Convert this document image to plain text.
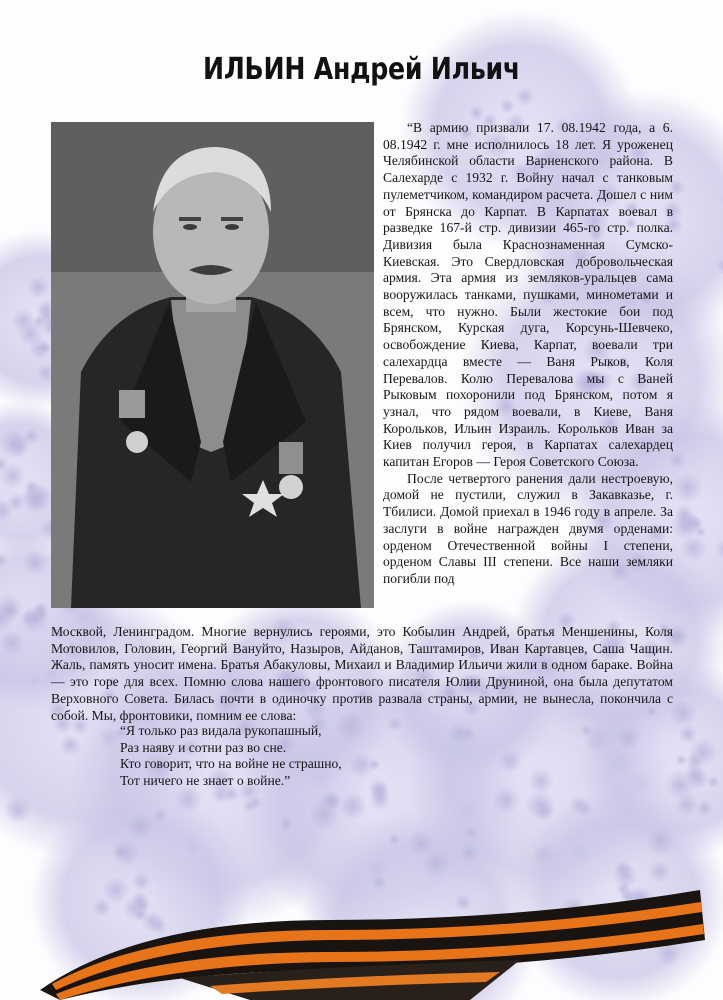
ИЛЬИН Андрей Ильич

“В армию призвали 17. 08.1942 года, а 6. 08.1942 г. мне исполнилось 18 лет. Я уроженец Челябинской области Варненского района. В Салехарде с 1932 г. Войну начал с танковым пулеметчиком, командиром расчета. Дошел с ним от Брянска до Карпат. В Карпатах воевал в разведке 167-й стр. дивизии 465-го стр. полка. Дивизия была Краснознаменная Сумско-Киевская. Это Свердловская добровольческая армия. Эта армия из земляков-уральцев сама вооружилась танками, пушками, минометами и всем, что нужно. Были жестокие бои под Брянском, Курская дуга, Корсунь-Шевчеко, освобождение Киева, Карпат, воевали три салехардца вместе — Ваня Рыков, Коля Перевалов. Колю Перевалова мы с Ваней Рыковым похоронили под Брянском, потом я узнал, что рядом воевали, в Киеве, Ваня Корольков, Ильин Израиль. Корольков Иван за Киев получил героя, в Карпатах салехардец капитан Егоров — Героя Советского Союза.

После четвертого ранения дали нестроевую, домой не пустили, служил в Закавказье, г. Тбилиси. Домой приехал в 1946 году в апреле. За заслуги в войне награжден двумя орденами: орденом Отечественной войны I степени, орденом Славы III степени. Все наши земляки погибли под

Москвой, Ленинградом. Многие вернулись героями, это Кобылин Андрей, братья Меншенины, Коля Мотовилов, Головин, Георгий Вануйто, Назыров, Айданов, Таштамиров, Иван Картавцев, Саша Чащин. Жаль, память уносит имена. Братья Абакуловы, Михаил и Владимир Ильичи жили в одном бараке. Война — это горе для всех. Помню слова нашего фронтового писателя Юлии Друниной, она была депутатом Верховного Совета. Билась почти в одиночку против развала страны, армии, не вынесла, покончила с собой. Мы, фронтовики, помним ее слова:

“Я только раз видала рукопашный,
Раз наяву и сотни раз во сне.
Кто говорит, что на войне не страшно,
Тот ничего не знает о войне.”
